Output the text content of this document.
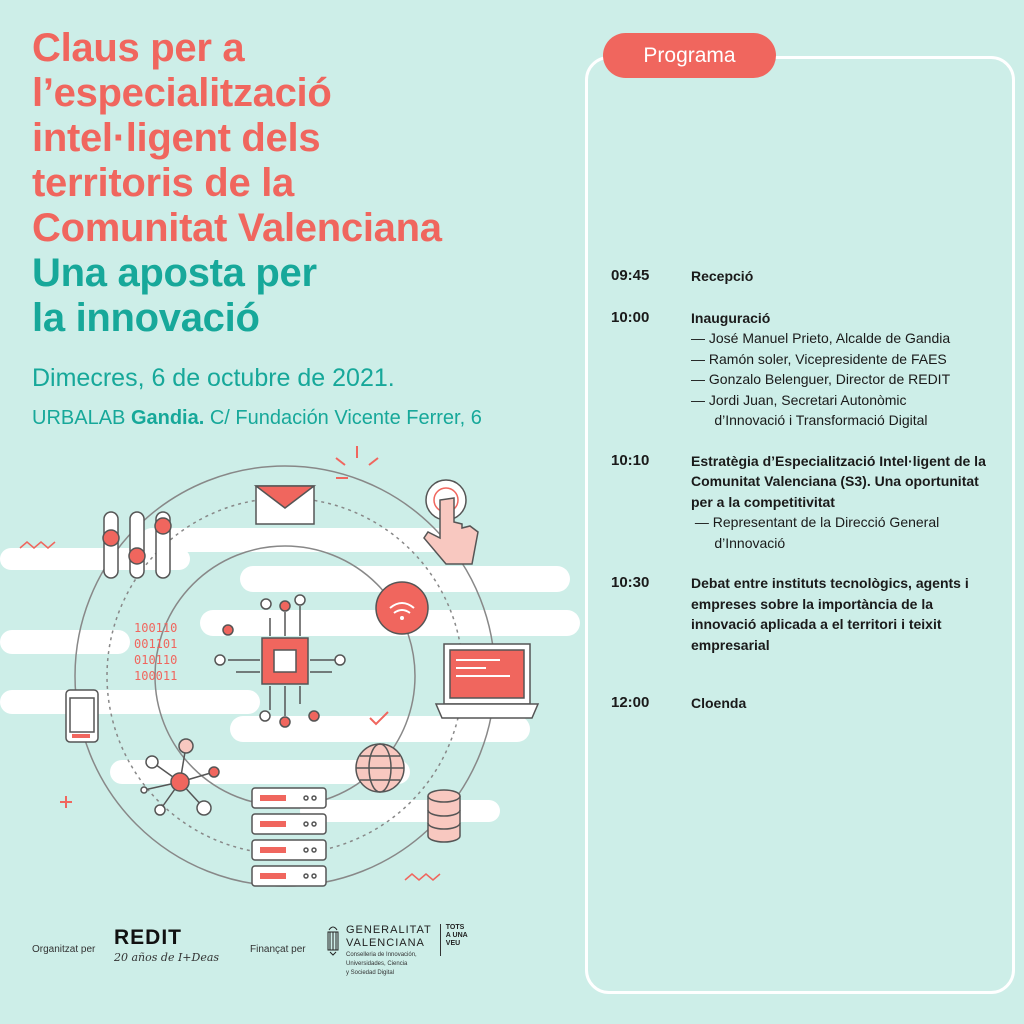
Claus per a
l’especialització
intel·ligent dels
territoris de la
Comunitat Valenciana
Una aposta per
la innovació
Dimecres, 6 de octubre de 2021.
URBALAB Gandia. C/ Fundación Vicente Ferrer, 6
100110
001101
010110
100011
Organitzat per
REDIT
20 años de I+Deas
Finançat per
GENERALITAT
VALENCIANA
Conselleria de Innovación,
Universidades, Ciencia
y Sociedad Digital
TOTS
A UNA
VEU
Programa
09:45	Recepció
10:00	Inauguració
— José Manuel Prieto, Alcalde de Gandia
— Ramón soler, Vicepresidente de FAES
— Gonzalo Belenguer, Director de REDIT
— Jordi Juan, Secretari Autonòmic
d’Innovació i Transformació Digital
10:10	Estratègia d’Especialització Intel·ligent de la Comunitat Valenciana (S3). Una oportunitat per a la competitivitat
— Representant de la Direcció General
d’Innovació
10:30	Debat entre instituts tecnològics, agents i empreses sobre la importància de la innovació aplicada a el territori i teixit empresarial
12:00	Cloenda
